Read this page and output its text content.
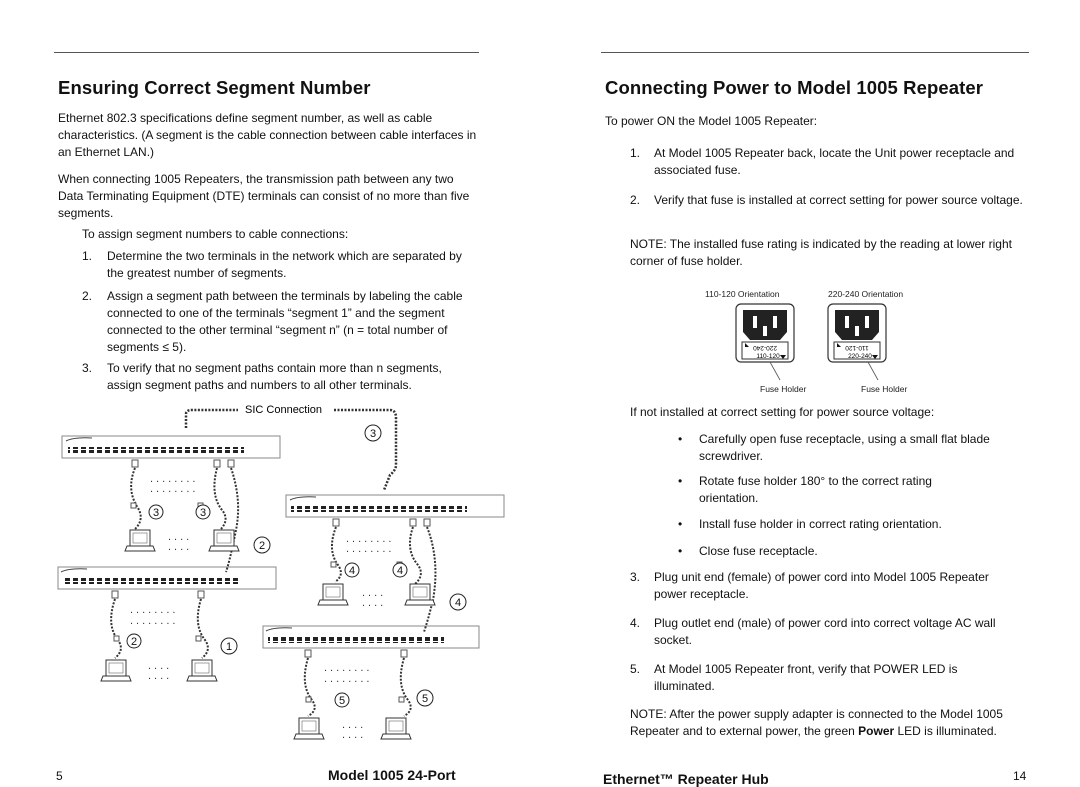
Ensuring Correct Segment Number

Ethernet 802.3 specifications define segment number, as well as cable characteristics. (A segment is the cable connection between cable interfaces in an Ethernet LAN.)

When connecting 1005 Repeaters, the transmission path between any two Data Terminating Equipment (DTE) terminals can consist of no more than five segments.

To assign segment numbers to cable connections:

1. Determine the two terminals in the network which are separated by the greatest number of segments.
2. Assign a segment path between the terminals by labeling the cable connected to one of the terminals “segment 1” and the segment connected to the other terminal “segment n” (n = total number of segments ≤ 5).
3. To verify that no segment paths contain more than n segments, assign segment paths and numbers to all other terminals.
SIC Connection
........
........
....
....
........
........
....
....
........
........
....
....
........
........
....
....
3
3	3
2
4	4
4
2	1
5	5
Connecting Power to Model 1005 Repeater

To power ON the Model 1005 Repeater:

1. At Model 1005 Repeater back, locate the Unit power receptacle and associated fuse.
2. Verify that fuse is installed at correct setting for power source voltage.

NOTE: The installed fuse rating is indicated by the reading at lower right corner of fuse holder.

110-120 Orientation	220-240 Orientation
220-240
110-120
110-120
220-240
Fuse Holder	Fuse Holder

If not installed at correct setting for power source voltage:

• Carefully open fuse receptacle, using a small flat blade screwdriver.
• Rotate fuse holder 180° to the correct rating orientation.
• Install fuse holder in correct rating orientation.
• Close fuse receptacle.
3. Plug unit end (female) of power cord into Model 1005 Repeater power receptacle.
4. Plug outlet end (male) of power cord into correct voltage AC wall socket.
5. At Model 1005 Repeater front, verify that POWER LED is illuminated.

NOTE: After the power supply adapter is connected to the Model 1005 Repeater and to external power, the green Power LED is illuminated.

5	Model 1005 24-Port	Ethernet™ Repeater Hub	14
